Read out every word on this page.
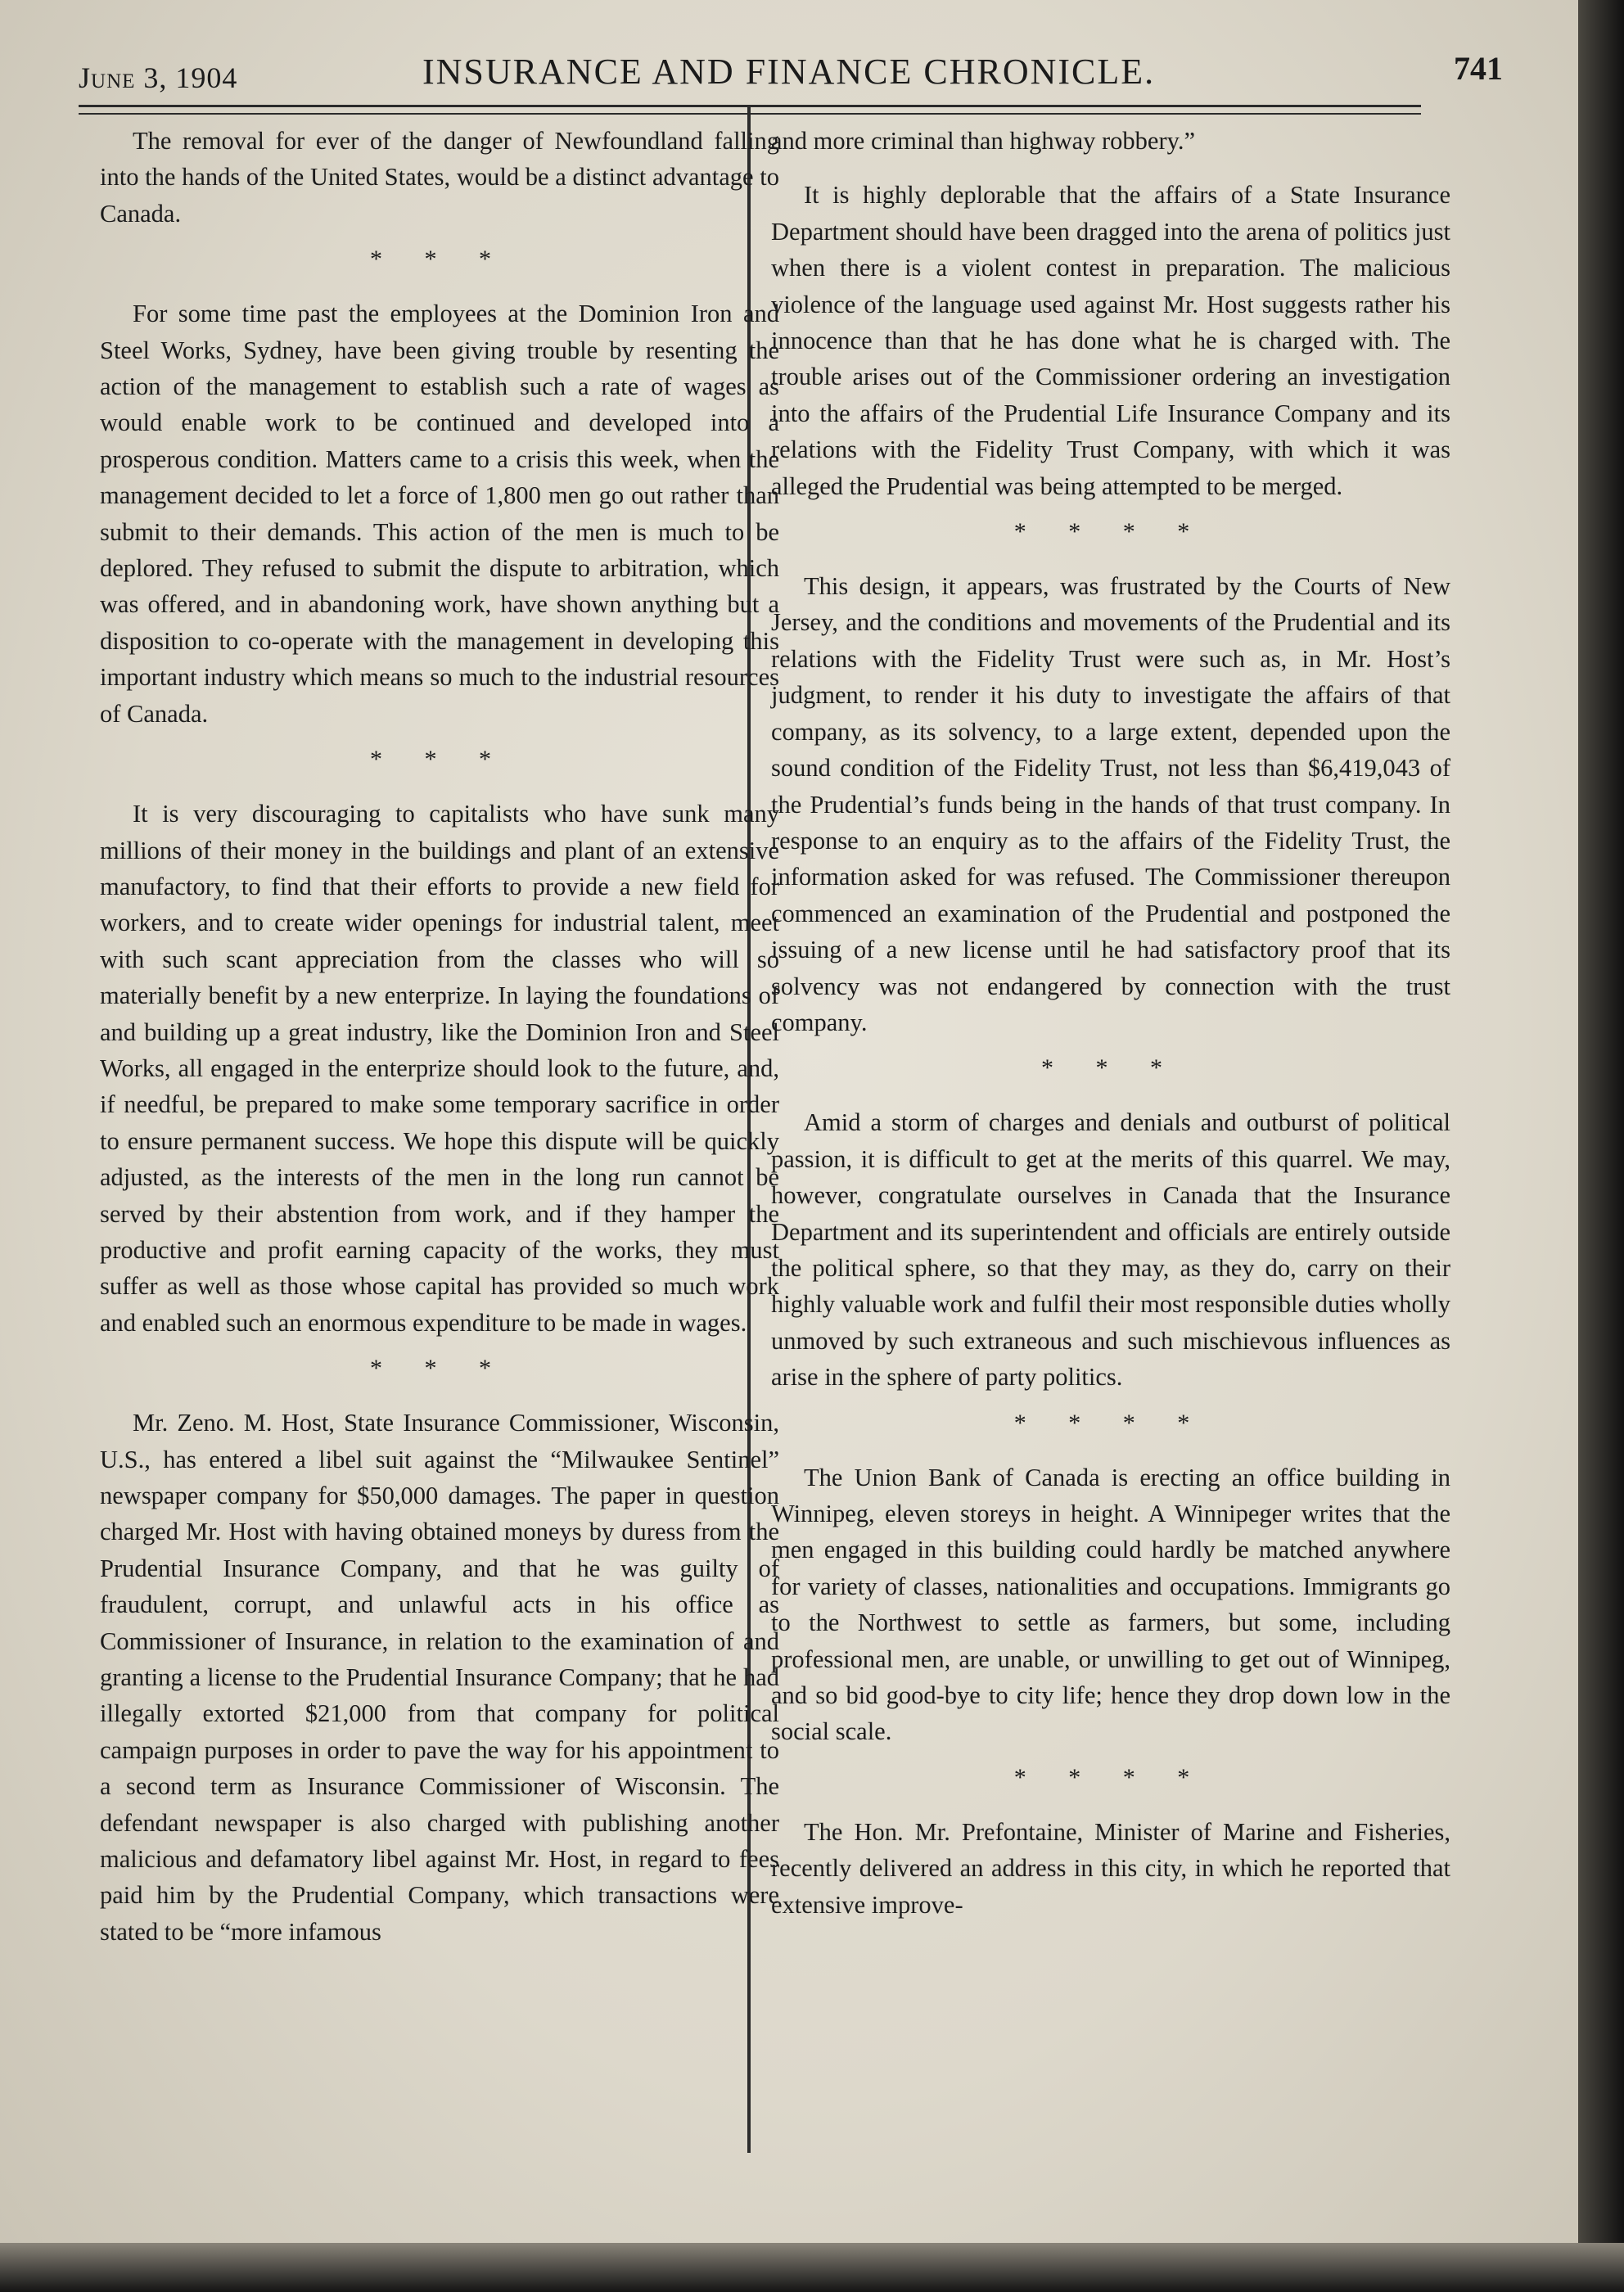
June 3, 1904	INSURANCE AND FINANCE CHRONICLE.	741

The removal for ever of the danger of Newfoundland falling into the hands of the United States, would be a distinct advantage to Canada.

* * *

For some time past the employees at the Dominion Iron and Steel Works, Sydney, have been giving trouble by resenting the action of the management to establish such a rate of wages as would enable work to be continued and developed into a prosperous condition. Matters came to a crisis this week, when the management decided to let a force of 1,800 men go out rather than submit to their demands. This action of the men is much to be deplored. They refused to submit the dispute to arbitration, which was offered, and in abandoning work, have shown anything but a disposition to co-operate with the management in developing this important industry which means so much to the industrial resources of Canada.

* * *

It is very discouraging to capitalists who have sunk many millions of their money in the buildings and plant of an extensive manufactory, to find that their efforts to provide a new field for workers, and to create wider openings for industrial talent, meet with such scant appreciation from the classes who will so materially benefit by a new enterprize. In laying the foundations of and building up a great industry, like the Dominion Iron and Steel Works, all engaged in the enterprize should look to the future, and, if needful, be prepared to make some temporary sacrifice in order to ensure permanent success. We hope this dispute will be quickly adjusted, as the interests of the men in the long run cannot be served by their abstention from work, and if they hamper the productive and profit earning capacity of the works, they must suffer as well as those whose capital has provided so much work and enabled such an enormous expenditure to be made in wages.

* * *

Mr. Zeno. M. Host, State Insurance Commissioner, Wisconsin, U.S., has entered a libel suit against the “Milwaukee Sentinel” newspaper company for $50,000 damages. The paper in question charged Mr. Host with having obtained moneys by duress from the Prudential Insurance Company, and that he was guilty of fraudulent, corrupt, and unlawful acts in his office as Commissioner of Insurance, in relation to the examination of and granting a license to the Prudential Insurance Company; that he had illegally extorted $21,000 from that company for political campaign purposes in order to pave the way for his appointment to a second term as Insurance Commissioner of Wisconsin. The defendant newspaper is also charged with publishing another malicious and defamatory libel against Mr. Host, in regard to fees paid him by the Prudential Company, which transactions were stated to be “more infamous

and more criminal than highway robbery.”

It is highly deplorable that the affairs of a State Insurance Department should have been dragged into the arena of politics just when there is a violent contest in preparation. The malicious violence of the language used against Mr. Host suggests rather his innocence than that he has done what he is charged with. The trouble arises out of the Commissioner ordering an investigation into the affairs of the Prudential Life Insurance Company and its relations with the Fidelity Trust Company, with which it was alleged the Prudential was being attempted to be merged.

* * * *

This design, it appears, was frustrated by the Courts of New Jersey, and the conditions and movements of the Prudential and its relations with the Fidelity Trust were such as, in Mr. Host’s judgment, to render it his duty to investigate the affairs of that company, as its solvency, to a large extent, depended upon the sound condition of the Fidelity Trust, not less than $6,419,043 of the Prudential’s funds being in the hands of that trust company. In response to an enquiry as to the affairs of the Fidelity Trust, the information asked for was refused. The Commissioner thereupon commenced an examination of the Prudential and postponed the issuing of a new license until he had satisfactory proof that its solvency was not endangered by connection with the trust company.

* * *

Amid a storm of charges and denials and outburst of political passion, it is difficult to get at the merits of this quarrel. We may, however, congratulate ourselves in Canada that the Insurance Department and its superintendent and officials are entirely outside the political sphere, so that they may, as they do, carry on their highly valuable work and fulfil their most responsible duties wholly unmoved by such extraneous and such mischievous influences as arise in the sphere of party politics.

* * * *

The Union Bank of Canada is erecting an office building in Winnipeg, eleven storeys in height. A Winnipeger writes that the men engaged in this building could hardly be matched anywhere for variety of classes, nationalities and occupations. Immigrants go to the Northwest to settle as farmers, but some, including professional men, are unable, or unwilling to get out of Winnipeg, and so bid good-bye to city life; hence they drop down low in the social scale.

* * * *

The Hon. Mr. Prefontaine, Minister of Marine and Fisheries, recently delivered an address in this city, in which he reported that extensive improve-
